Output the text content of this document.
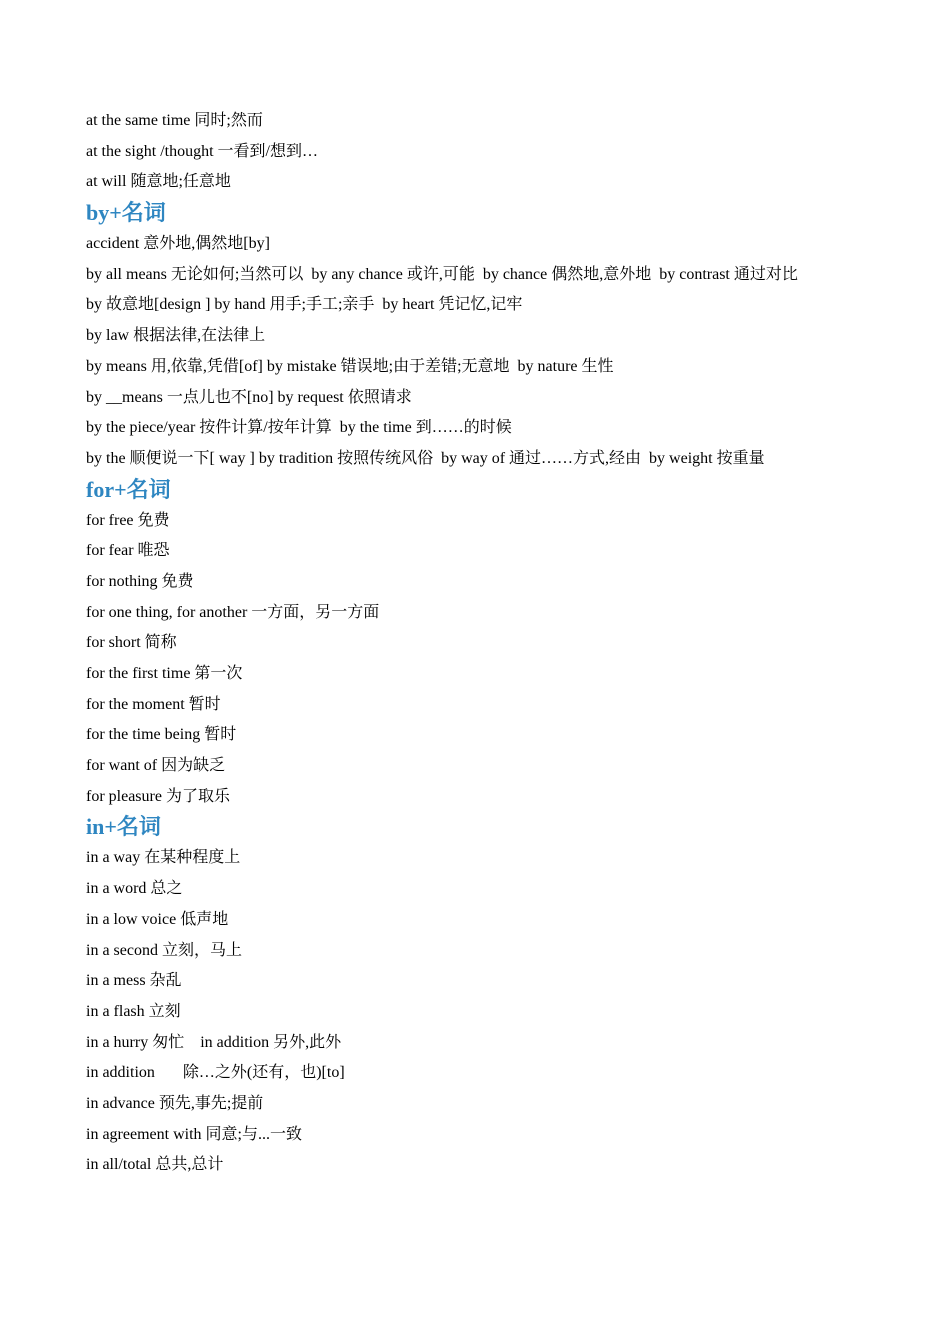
at the same time 同时;然而
at the sight /thought 一看到/想到…
at will 随意地;任意地
by+名词
accident 意外地,偶然地[by]
by all means 无论如何;当然可以  by any chance 或许,可能  by chance 偶然地,意外地  by contrast 通过对比
by 故意地[design ] by hand 用手;手工;亲手  by heart 凭记忆,记牢
by law 根据法律,在法律上
by means 用,依靠,凭借[of] by mistake 错误地;由于差错;无意地  by nature 生性
by __means 一点儿也不[no] by request 依照请求
by the piece/year 按件计算/按年计算  by the time 到……的时候
by the 顺便说一下[ way ] by tradition 按照传统风俗  by way of 通过……方式,经由  by weight 按重量
for+名词
for free 免费
for fear 唯恐
for nothing 免费
for one thing, for another 一方面，另一方面
for short 简称
for the first time 第一次
for the moment 暂时
for the time being 暂时
for want of 因为缺乏
for pleasure 为了取乐
in+名词
in a way 在某种程度上
in a word 总之
in a low voice 低声地
in a second 立刻，马上
in a mess 杂乱
in a flash 立刻
in a hurry 匆忙    in addition 另外,此外
in addition       除…之外(还有，也)[to]
in advance 预先,事先;提前
in agreement with 同意;与...一致
in all/total 总共,总计
